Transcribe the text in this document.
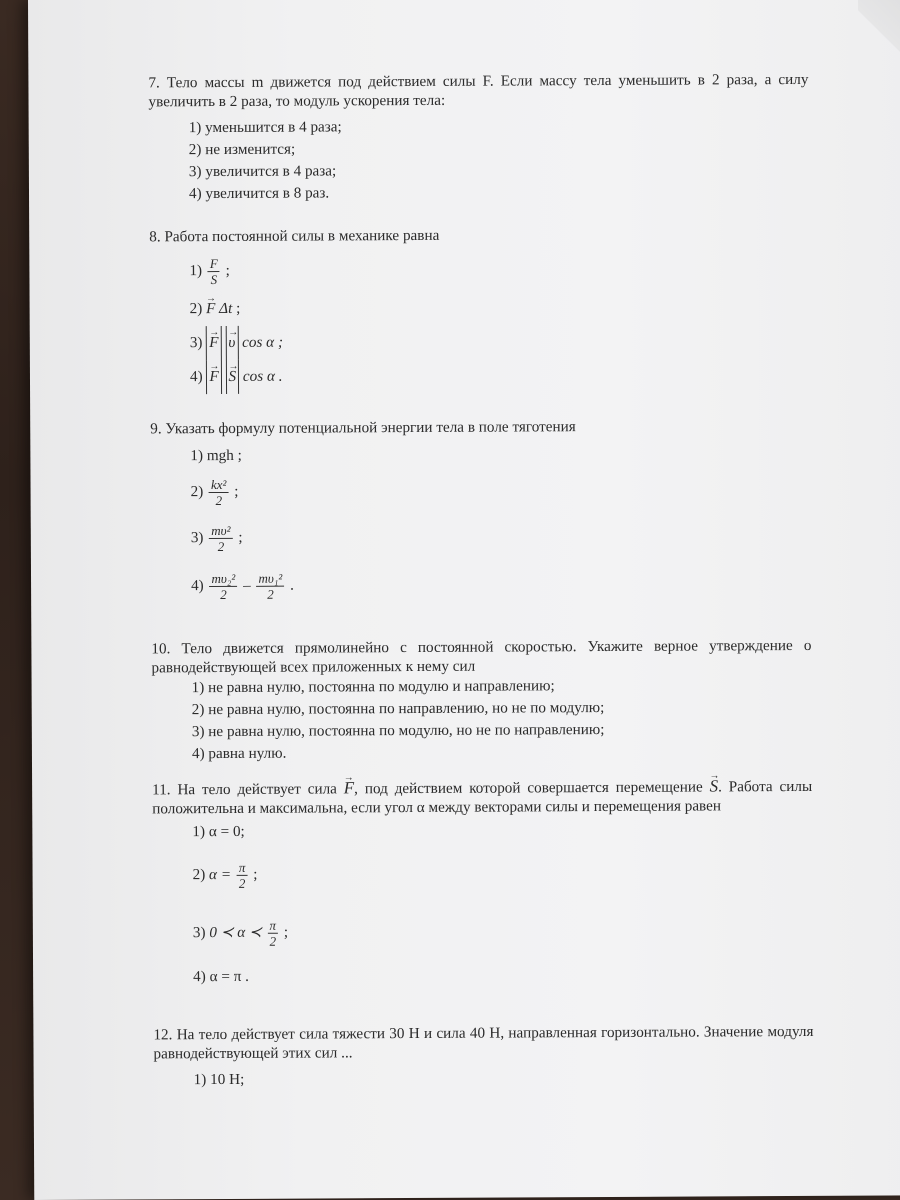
7. Тело массы m движется под действием силы F. Если массу тела уменьшить в 2 раза, а силу увеличить в 2 раза, то модуль ускорения тела:

1) уменьшится в 4 раза;
2) не изменится;
3) увеличится в 4 раза;
4) увеличится в 8 раз.

8. Работа постоянной силы в механике равна

$1) \frac{F}{S}$ ;
2) → F Δt ;
3) → F → υ cos α ;
4) → F → S cos α .

9. Указать формулу потенциальной энергии тела в поле тяготения

1) mgh ;
$2) \frac{\text{kx²}}{2}$ ;
$3) \frac{\text{mυ²}}{2}$ ;
$4) \frac{\text{mυ₂²}}{2} - \frac{\text{mυ₁²}}{2}$ .

10. Тело движется прямолинейно с постоянной скоростью. Укажите верное утверждение о равнодействующей всех приложенных к нему сил

1) не равна нулю, постоянна по модулю и направлению;
2) не равна нулю, постоянна по направлению, но не по модулю;
3) не равна нулю, постоянна по модулю, но не по направлению;
4) равна нулю.

11. На тело действует сила → F, под действием которой совершается перемещение → S. Работа силы положительна и максимальна, если угол α между векторами силы и перемещения равен

1) α = 0;
2) $\alpha = \frac{\pi}{2}$ ;
3) 0 ≺ α ≺ $\frac{\pi}{2}$ ;
4) α = π .

12. На тело действует сила тяжести 30 Н и сила 40 Н, направленная горизонтально. Значение модуля равнодействующей этих сил ...

1) 10 Н;
